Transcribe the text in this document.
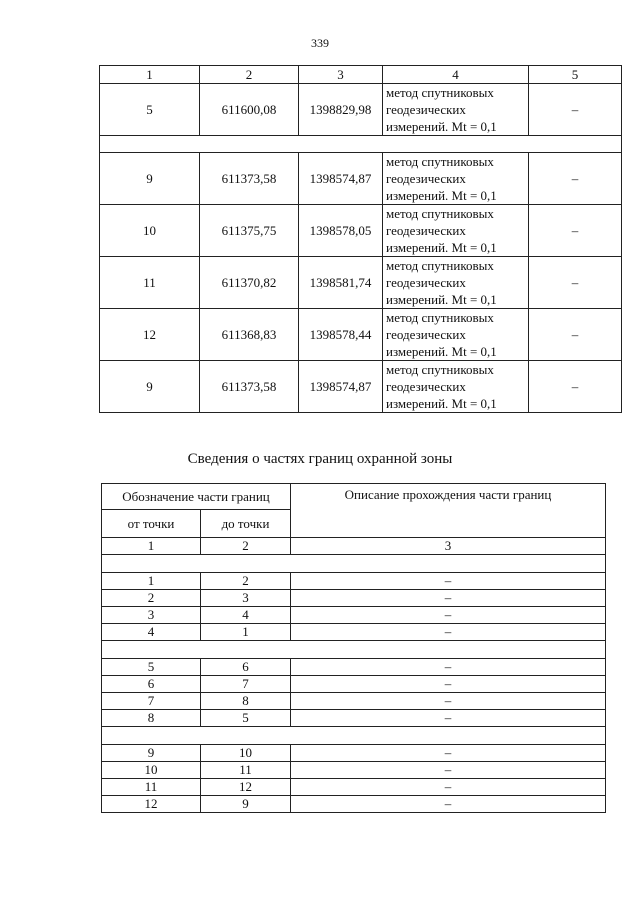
339
1	2	3	4	5
5	611600,08	1398829,98	метод спутниковых
геодезических
измерений. Mt = 0,1	–

9	611373,58	1398574,87	метод спутниковых
геодезических
измерений. Mt = 0,1	–
10	611375,75	1398578,05	метод спутниковых
геодезических
измерений. Mt = 0,1	–
11	611370,82	1398581,74	метод спутниковых
геодезических
измерений. Mt = 0,1	–
12	611368,83	1398578,44	метод спутниковых
геодезических
измерений. Mt = 0,1	–
9	611373,58	1398574,87	метод спутниковых
геодезических
измерений. Mt = 0,1	–
Сведения о частях границ охранной зоны
Обозначение части границ		Описание прохождения части границ
от точки	до точки	
1	2	3

1	2	–
2	3	–
3	4	–
4	1	–

5	6	–
6	7	–
7	8	–
8	5	–

9	10	–
10	11	–
11	12	–
12	9	–
